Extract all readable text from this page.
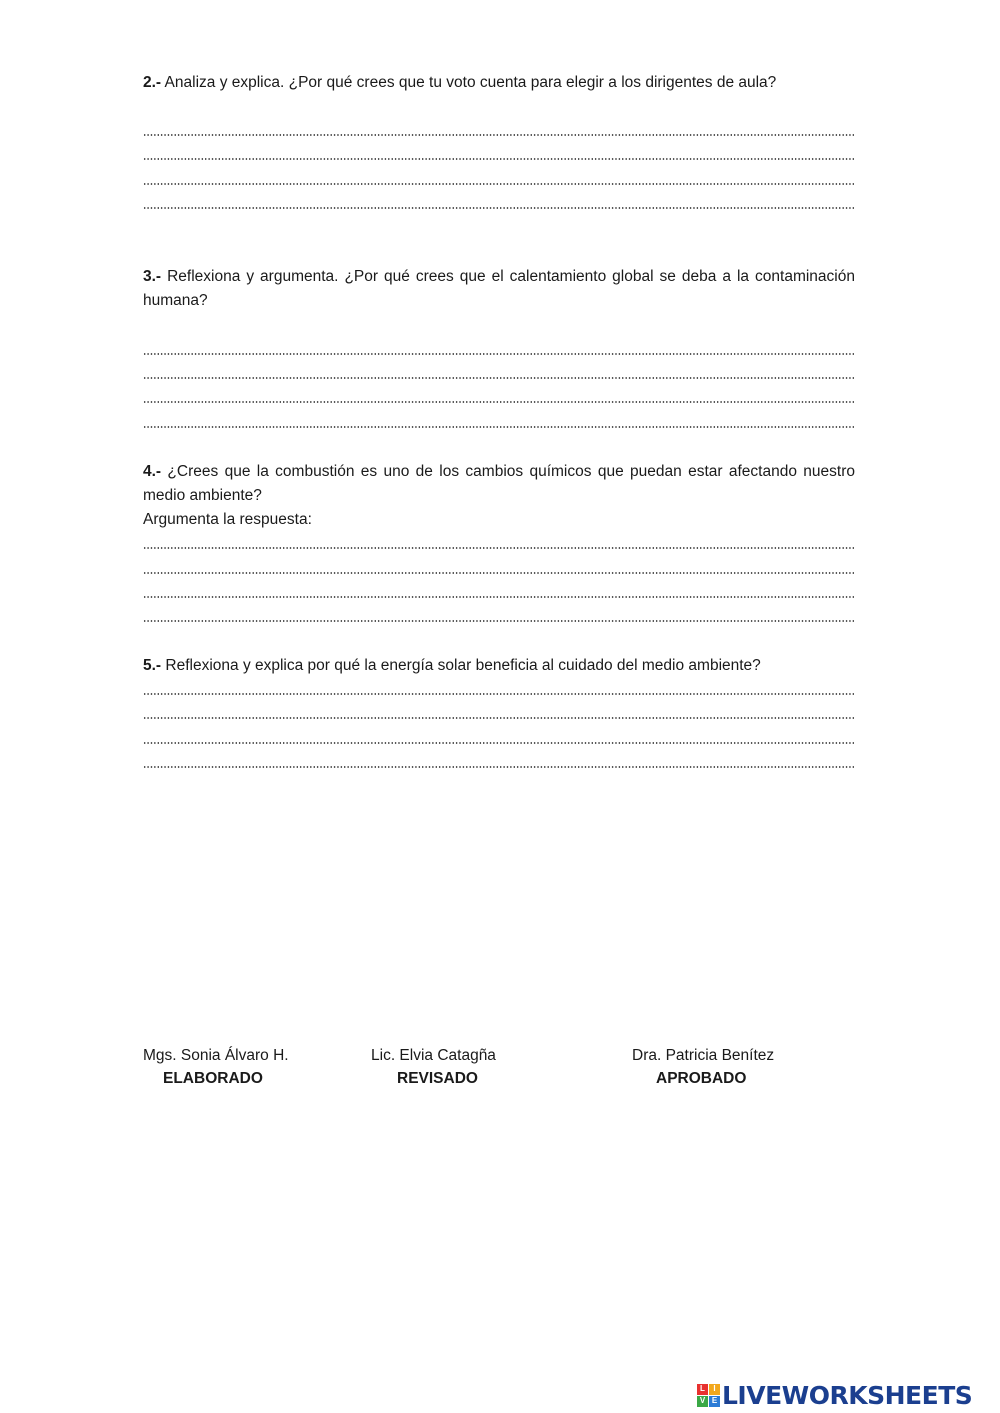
2.- Analiza y explica. ¿Por qué crees que tu voto cuenta para elegir a los dirigentes de aula?
3.- Reflexiona y argumenta. ¿Por qué crees que el calentamiento global se deba a la contaminación humana?
4.- ¿Crees que la combustión es uno de los cambios químicos que puedan estar afectando nuestro medio ambiente?
Argumenta la respuesta:
5.- Reflexiona y explica por qué la energía solar beneficia al cuidado del medio ambiente?
Mgs. Sonia Álvaro H.
ELABORADO
Lic. Elvia Catagña
REVISADO
Dra. Patricia Benítez
APROBADO
L	I
V E LIVEWORKSHEETS
